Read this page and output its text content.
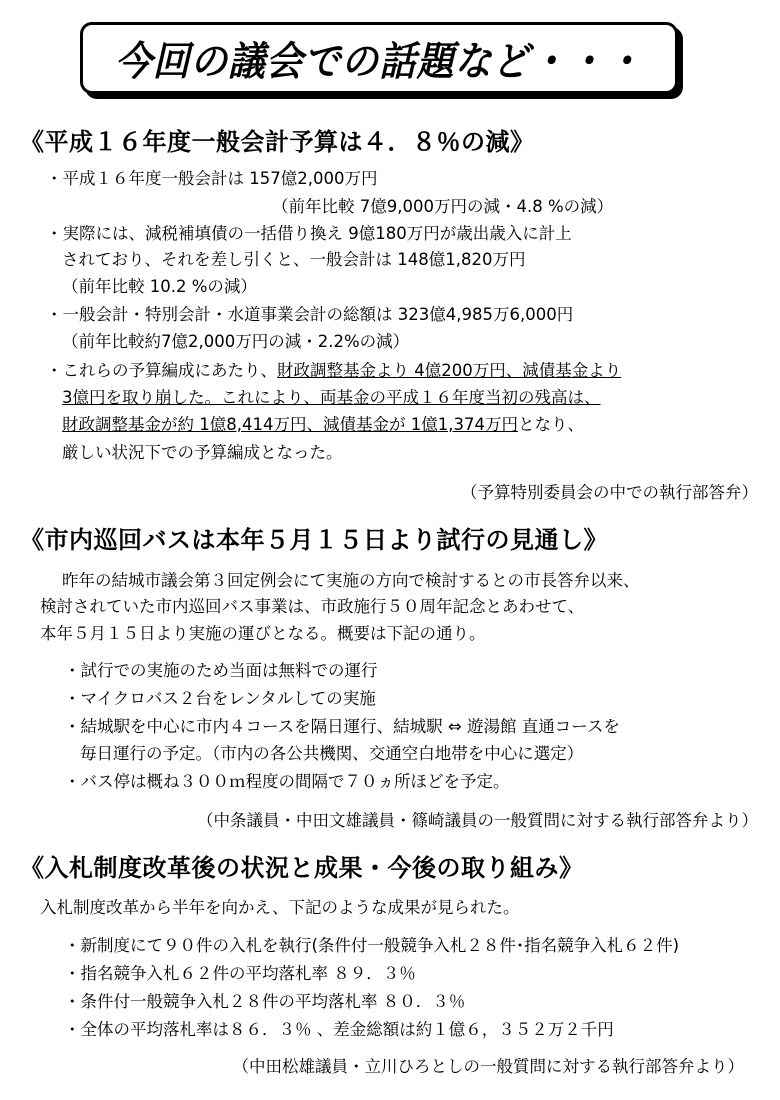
今回の議会での話題など・・・
《平成１６年度一般会計予算は４．８％の減》
・平成１６年度一般会計は 157億2,000万円
（前年比較 7億9,000万円の減・4.8 %の減）
・実際には、減税補填債の一括借り換え 9億180万円が歳出歳入に計上
されており、それを差し引くと、一般会計は 148億1,820万円
（前年比較 10.2 %の減）
・一般会計・特別会計・水道事業会計の総額は 323億4,985万6,000円
（前年比較約7億2,000万円の減・2.2%の減）
・これらの予算編成にあたり、財政調整基金より 4億200万円、減債基金より
3億円を取り崩した。これにより、両基金の平成１６年度当初の残高は、
財政調整基金が約 1億8,414万円、減債基金が 1億1,374万円となり、
厳しい状況下での予算編成となった。
（予算特別委員会の中での執行部答弁）
《市内巡回バスは本年５月１５日より試行の見通し》
昨年の結城市議会第３回定例会にて実施の方向で検討するとの市長答弁以来、
検討されていた市内巡回バス事業は、市政施行５０周年記念とあわせて、
本年５月１５日より実施の運びとなる。概要は下記の通り。
・試行での実施のため当面は無料での運行
・マイクロバス２台をレンタルしての実施
・結城駅を中心に市内４コースを隔日運行、結城駅 ⇔ 遊湯館 直通コースを
毎日運行の予定。（市内の各公共機関、交通空白地帯を中心に選定）
・バス停は概ね３００ｍ程度の間隔で７０ヵ所ほどを予定。
（中条議員・中田文雄議員・篠崎議員の一般質問に対する執行部答弁より）
《入札制度改革後の状況と成果・今後の取り組み》
入札制度改革から半年を向かえ、下記のような成果が見られた。
・新制度にて９０件の入札を執行(条件付一般競争入札２８件･指名競争入札６２件)
・指名競争入札６２件の平均落札率 ８９．３％
・条件付一般競争入札２８件の平均落札率 ８０．３％
・全体の平均落札率は８６．３％ 、差金総額は約１億６，３５２万２千円
（中田松雄議員・立川ひろとしの一般質問に対する執行部答弁より）
